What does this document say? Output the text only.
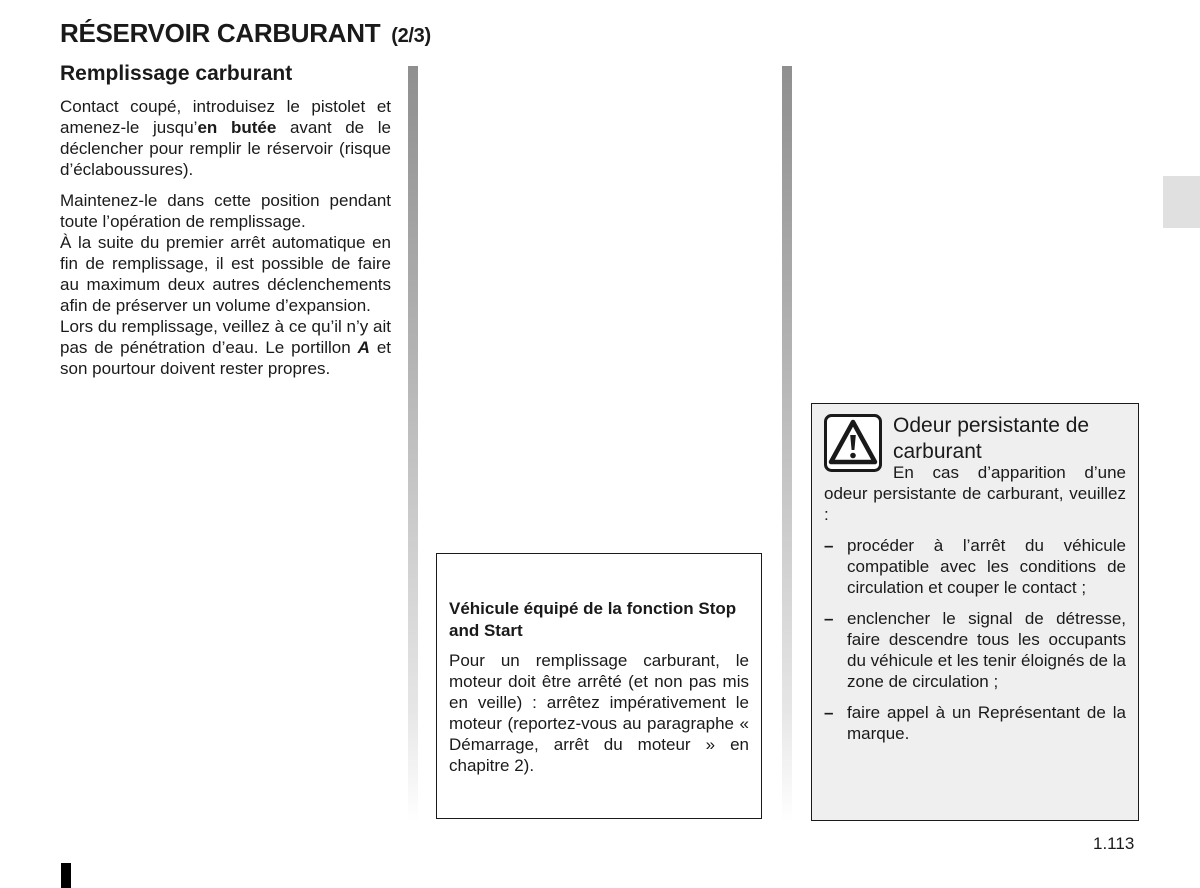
RÉSERVOIR CARBURANT (2/3)
Remplissage carburant

Contact coupé, introduisez le pistolet et amenez-le jusqu’en butée avant de le déclencher pour remplir le réservoir (risque d’éclaboussures).

Maintenez-le dans cette position pendant toute l’opération de remplissage.

À la suite du premier arrêt automatique en fin de remplissage, il est possible de faire au maximum deux autres déclenchements afin de préserver un volume d’expansion.

Lors du remplissage, veillez à ce qu’il n’y ait pas de pénétration d’eau. Le portillon A et son pourtour doivent rester propres.

Véhicule équipé de la fonction Stop and Start

Pour un remplissage carburant, le moteur doit être arrêté (et non pas mis en veille) : arrêtez impérativement le moteur (reportez-vous au paragraphe « Démarrage, arrêt du moteur » en chapitre 2).

Odeur persistante de carburant

En cas d’apparition d’une odeur persistante de carburant, veuillez :

– procéder à l’arrêt du véhicule compatible avec les conditions de circulation et couper le contact ;
– enclencher le signal de détresse, faire descendre tous les occupants du véhicule et les tenir éloignés de la zone de circulation ;
– faire appel à un Représentant de la marque.
1.113
